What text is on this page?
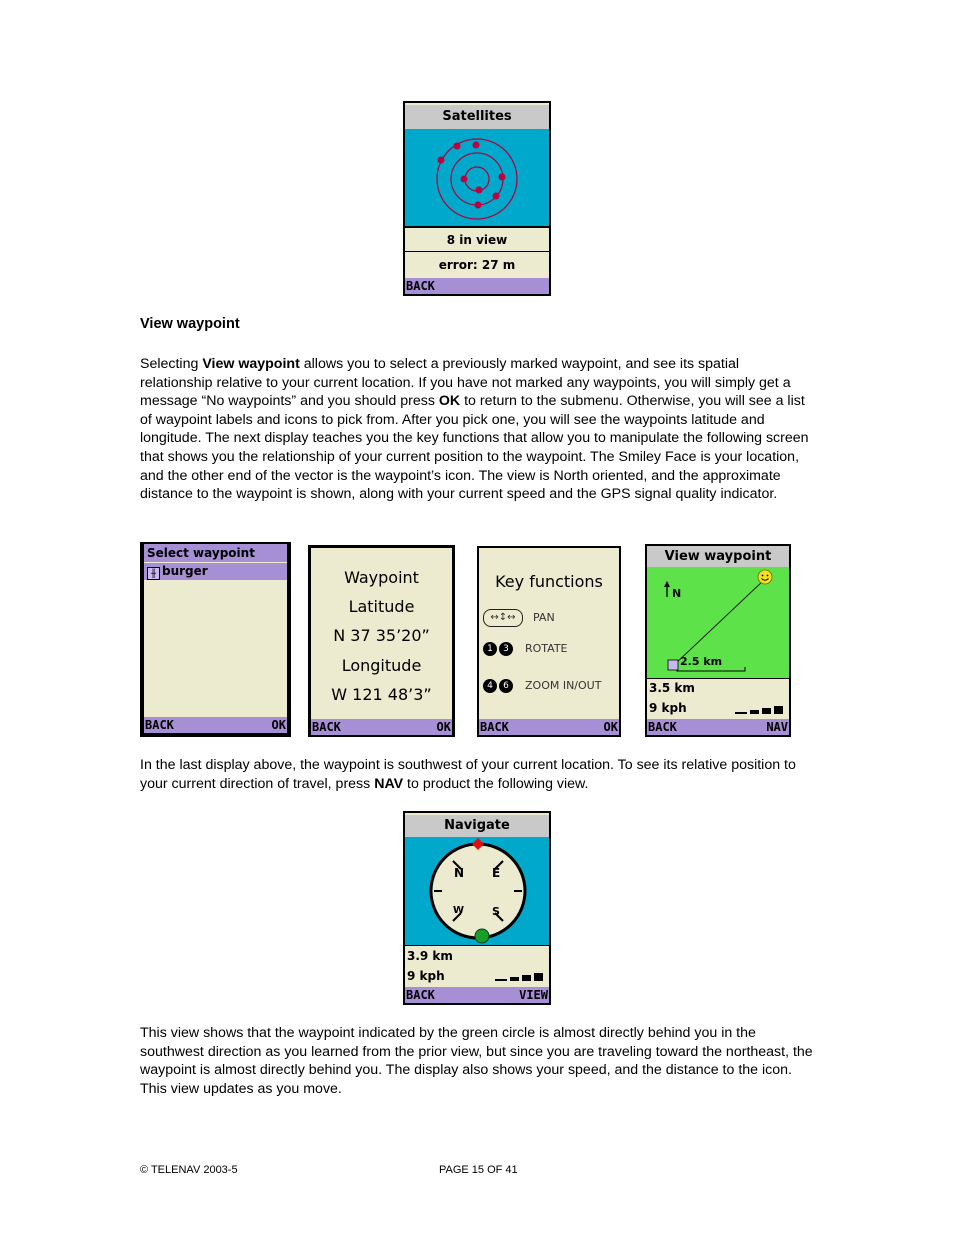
Satellites
8 in view
error: 27 m
BACK
View waypoint

Selecting View waypoint allows you to select a previously marked waypoint, and see its spatial relationship relative to your current location. If you have not marked any waypoints, you will simply get a message “No waypoints” and you should press OK to return to the submenu. Otherwise, you will see a list of waypoint labels and icons to pick from. After you pick one, you will see the waypoints latitude and longitude. The next display teaches you the key functions that allow you to manipulate the following screen that shows you the relationship of your current position to the waypoint. The Smiley Face is your location, and the other end of the vector is the waypoint’s icon. The view is North oriented, and the approximate distance to the waypoint is shown, along with your current speed and the GPS signal quality indicator.

Select waypoint
╫ burger
BACK	OK
Waypoint
Latitude
N 37 35’20”
Longitude
W 121 48’3”
BACK	OK
Key functions
↔↕↔ PAN
1 3 ROTATE
4 6 ZOOM IN/OUT
BACK	OK
View waypoint
N
2.5 km
3.5 km
9 kph
BACK	NAV

In the last display above, the waypoint is southwest of your current location. To see its relative position to your current direction of travel, press NAV to product the following view.

Navigate
N E
W	S
3.9 km
9 kph
BACK	VIEW

This view shows that the waypoint indicated by the green circle is almost directly behind you in the southwest direction as you learned from the prior view, but since you are traveling toward the northeast, the waypoint is almost directly behind you. The display also shows your speed, and the distance to the icon. This view updates as you move.

© TELENAV 2003-5	PAGE 15 OF 41
